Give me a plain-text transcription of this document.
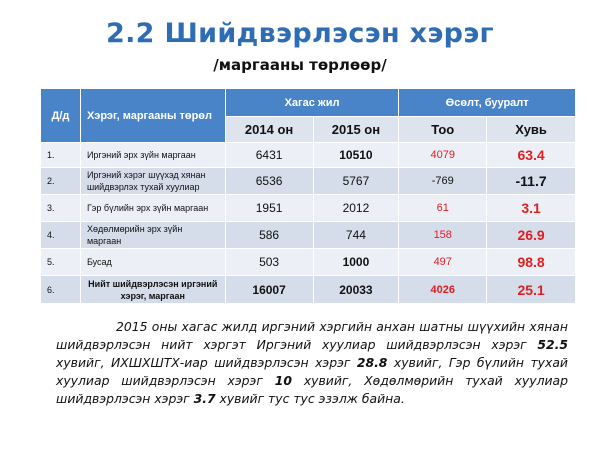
2.2 Шийдвэрлэсэн хэрэг
/маргааны төрлөөр/
Д/д	Хэрэг, маргааны төрөл	Хагас жил		Өсөлт, бууралт	
		2014 он	2015 он	Тоо	Хувь
1.	Иргэний эрх зүйн маргаан	6431	10510	4079	63.4
2.	Иргэний хэрэг шүүхэд хянан шийдвэрлэх тухай хуулиар	6536	5767	-769	-11.7
3.	Гэр бүлийн эрх зүйн маргаан	1951	2012	61	3.1
4.	Хөдөлмөрийн эрх зүйн маргаан	586	744	158	26.9
5.	Бусад	503	1000	497	98.8
6.	Нийт шийдвэрлэсэн иргэний хэрэг, маргаан	16007	20033	4026	25.1
2015 оны хагас жилд иргэний хэргийн анхан шатны шүүхийн хянан шийдвэрлэсэн нийт хэргэт Иргэний хуулиар шийдвэрлэсэн хэрэг 52.5 хувийг, ИХШХШТХ-иар шийдвэрлэсэн хэрэг 28.8 хувийг, Гэр бүлийн тухай хуулиар шийдвэрлэсэн хэрэг 10 хувийг, Хөдөлмөрийн тухай хуулиар шийдвэрлэсэн хэрэг 3.7 хувийг тус тус эзэлж байна.
